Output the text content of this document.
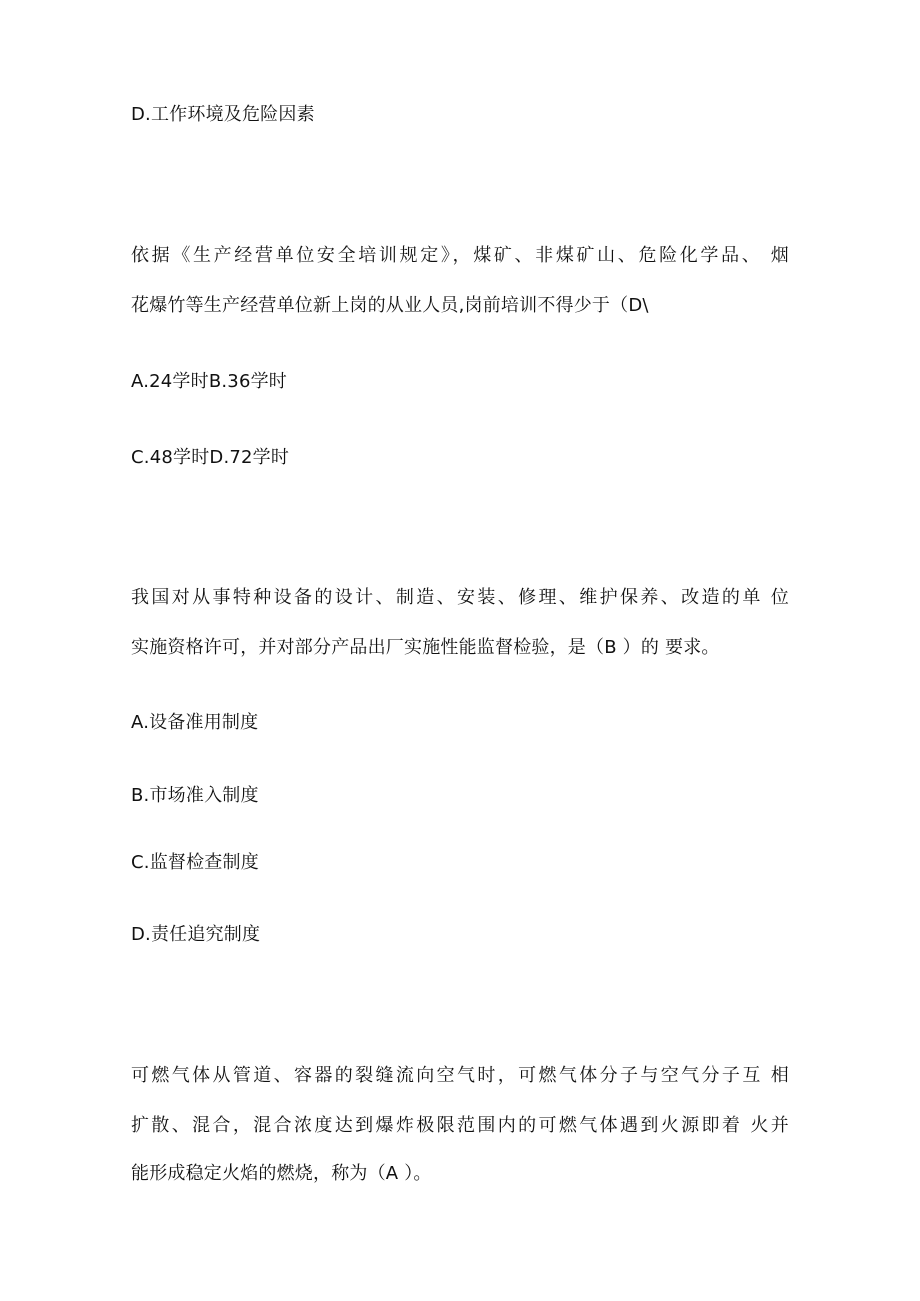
D.工作环境及危险因素
依据《生产经营单位安全培训规定》，煤矿、非煤矿山、危险化学品、 烟
花爆竹等生产经营单位新上岗的从业人员,岗前培训不得少于（D\
A.24学时B.36学时
C.48学时D.72学时
我国对从事特种设备的设计、制造、安装、修理、维护保养、改造的单 位
实施资格许可，并对部分产品出厂实施性能监督检验，是（B ）的 要求。
A.设备准用制度
B.市场准入制度
C.监督检查制度
D.责任追究制度
可燃气体从管道、容器的裂缝流向空气时，可燃气体分子与空气分子互 相
扩散、混合，混合浓度达到爆炸极限范围内的可燃气体遇到火源即着 火并
能形成稳定火焰的燃烧，称为（A ）。
